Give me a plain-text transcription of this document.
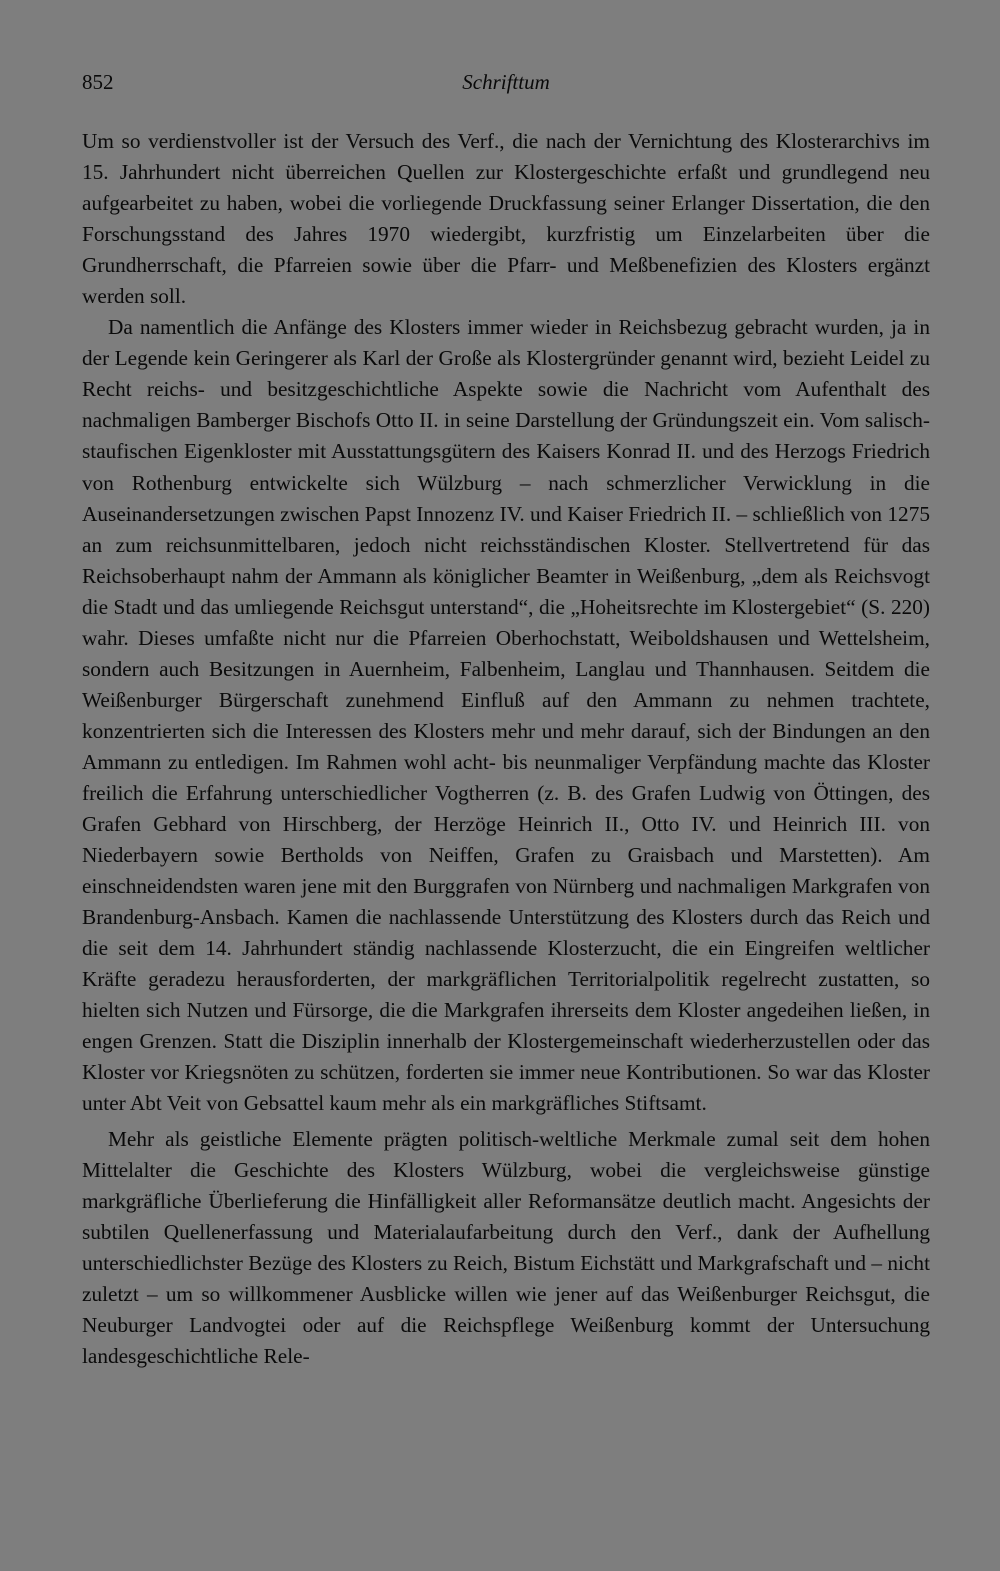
852	Schrifttum

Um so verdienstvoller ist der Versuch des Verf., die nach der Vernichtung des Klosterarchivs im 15. Jahrhundert nicht überreichen Quellen zur Klostergeschichte erfaßt und grundlegend neu aufgearbeitet zu haben, wobei die vorliegende Druckfassung seiner Erlanger Dissertation, die den Forschungsstand des Jahres 1970 wiedergibt, kurzfristig um Einzelarbeiten über die Grundherrschaft, die Pfarreien sowie über die Pfarr- und Meßbenefizien des Klosters ergänzt werden soll.

Da namentlich die Anfänge des Klosters immer wieder in Reichsbezug gebracht wurden, ja in der Legende kein Geringerer als Karl der Große als Klostergründer genannt wird, bezieht Leidel zu Recht reichs- und besitzgeschichtliche Aspekte sowie die Nachricht vom Aufenthalt des nachmaligen Bamberger Bischofs Otto II. in seine Darstellung der Gründungszeit ein. Vom salisch-staufischen Eigenkloster mit Ausstattungsgütern des Kaisers Konrad II. und des Herzogs Friedrich von Rothenburg entwickelte sich Wülzburg – nach schmerzlicher Verwicklung in die Auseinandersetzungen zwischen Papst Innozenz IV. und Kaiser Friedrich II. – schließlich von 1275 an zum reichsunmittelbaren, jedoch nicht reichsständischen Kloster. Stellvertretend für das Reichsoberhaupt nahm der Ammann als königlicher Beamter in Weißenburg, „dem als Reichsvogt die Stadt und das umliegende Reichsgut unterstand“, die „Hoheitsrechte im Klostergebiet“ (S. 220) wahr. Dieses umfaßte nicht nur die Pfarreien Oberhochstatt, Weiboldshausen und Wettelsheim, sondern auch Besitzungen in Auernheim, Falbenheim, Langlau und Thannhausen. Seitdem die Weißenburger Bürgerschaft zunehmend Einfluß auf den Ammann zu nehmen trachtete, konzentrierten sich die Interessen des Klosters mehr und mehr darauf, sich der Bindungen an den Ammann zu entledigen. Im Rahmen wohl acht- bis neunmaliger Verpfändung machte das Kloster freilich die Erfahrung unterschiedlicher Vogtherren (z. B. des Grafen Ludwig von Öttingen, des Grafen Gebhard von Hirschberg, der Herzöge Heinrich II., Otto IV. und Heinrich III. von Niederbayern sowie Bertholds von Neiffen, Grafen zu Graisbach und Marstetten). Am einschneidendsten waren jene mit den Burggrafen von Nürnberg und nachmaligen Markgrafen von Brandenburg-Ansbach. Kamen die nachlassende Unterstützung des Klosters durch das Reich und die seit dem 14. Jahrhundert ständig nachlassende Klosterzucht, die ein Eingreifen weltlicher Kräfte geradezu herausforderten, der markgräflichen Territorialpolitik regelrecht zustatten, so hielten sich Nutzen und Fürsorge, die die Markgrafen ihrerseits dem Kloster angedeihen ließen, in engen Grenzen. Statt die Disziplin innerhalb der Klostergemeinschaft wiederherzustellen oder das Kloster vor Kriegsnöten zu schützen, forderten sie immer neue Kontributionen. So war das Kloster unter Abt Veit von Gebsattel kaum mehr als ein markgräfliches Stiftsamt.

Mehr als geistliche Elemente prägten politisch-weltliche Merkmale zumal seit dem hohen Mittelalter die Geschichte des Klosters Wülzburg, wobei die vergleichsweise günstige markgräfliche Überlieferung die Hinfälligkeit aller Reformansätze deutlich macht. Angesichts der subtilen Quellenerfassung und Materialaufarbeitung durch den Verf., dank der Aufhellung unterschiedlichster Bezüge des Klosters zu Reich, Bistum Eichstätt und Markgrafschaft und – nicht zuletzt – um so willkommener Ausblicke willen wie jener auf das Weißenburger Reichsgut, die Neuburger Landvogtei oder auf die Reichspflege Weißenburg kommt der Untersuchung landesgeschichtliche Rele-
